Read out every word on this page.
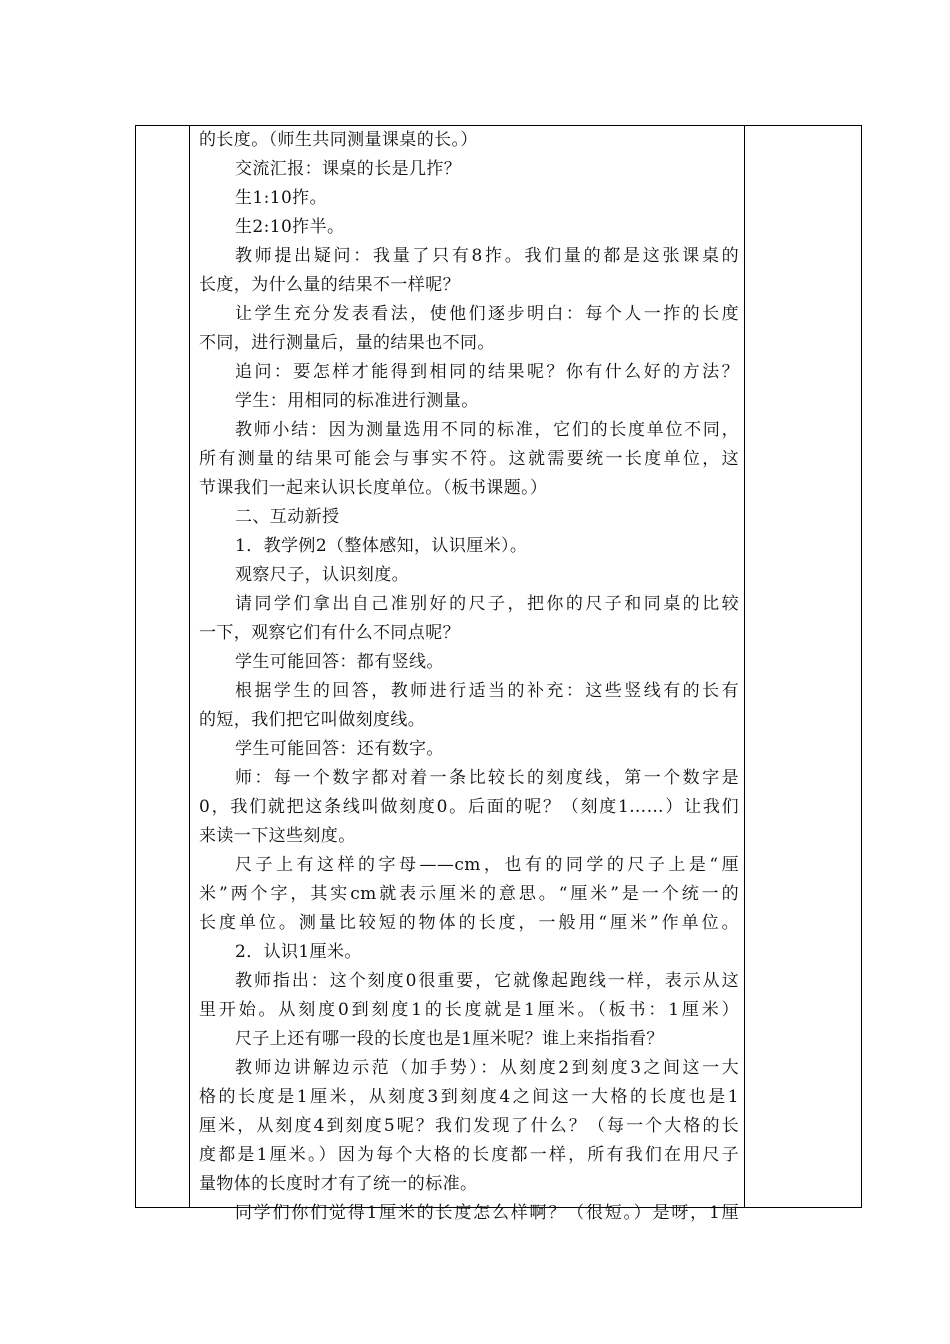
的长度。（师生共同测量课桌的长。）
交流汇报：课桌的长是几拃？
生1:10拃。
生2:10拃半。
教师提出疑问：我量了只有8拃。我们量的都是这张课桌的
长度，为什么量的结果不一样呢？
让学生充分发表看法，使他们逐步明白：每个人一拃的长度
不同，进行测量后，量的结果也不同。
追问：要怎样才能得到相同的结果呢？你有什么好的方法？
学生：用相同的标准进行测量。
教师小结：因为测量选用不同的标准，它们的长度单位不同，
所有测量的结果可能会与事实不符。这就需要统一长度单位，这
节课我们一起来认识长度单位。（板书课题。）
二、互动新授
1．教学例2（整体感知，认识厘米）。
观察尺子，认识刻度。
请同学们拿出自己准别好的尺子，把你的尺子和同桌的比较
一下，观察它们有什么不同点呢？
学生可能回答：都有竖线。
根据学生的回答，教师进行适当的补充：这些竖线有的长有
的短，我们把它叫做刻度线。
学生可能回答：还有数字。
师：每一个数字都对着一条比较长的刻度线，第一个数字是
0，我们就把这条线叫做刻度0。后面的呢？（刻度1……）让我们
来读一下这些刻度。
尺子上有这样的字母——cm，也有的同学的尺子上是“厘
米”两个字，其实cm就表示厘米的意思。“厘米”是一个统一的
长度单位。测量比较短的物体的长度，一般用“厘米”作单位。
2．认识1厘米。
教师指出：这个刻度0很重要，它就像起跑线一样，表示从这
里开始。从刻度0到刻度1的长度就是1厘米。（板书：1厘米）
尺子上还有哪一段的长度也是1厘米呢？谁上来指指看？
教师边讲解边示范（加手势）：从刻度2到刻度3之间这一大
格的长度是1厘米，从刻度3到刻度4之间这一大格的长度也是1
厘米，从刻度4到刻度5呢？我们发现了什么？（每一个大格的长
度都是1厘米。）因为每个大格的长度都一样，所有我们在用尺子
量物体的长度时才有了统一的标准。
同学们你们觉得1厘米的长度怎么样啊？（很短。）是呀，1厘
